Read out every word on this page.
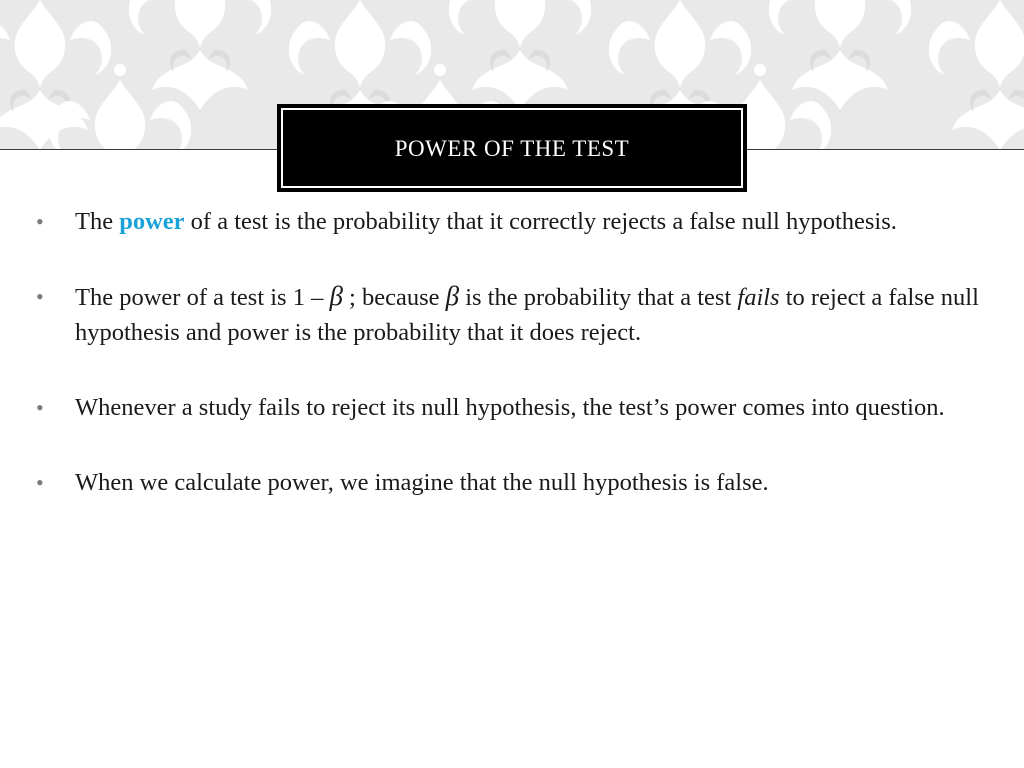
POWER OF THE TEST
• The power of a test is the probability that it correctly rejects a false null hypothesis.
• The power of a test is 1 – β ; because β is the probability that a test fails to reject a false null hypothesis and power is the probability that it does reject.
• Whenever a study fails to reject its null hypothesis, the test’s power comes into question.
• When we calculate power, we imagine that the null hypothesis is false.
